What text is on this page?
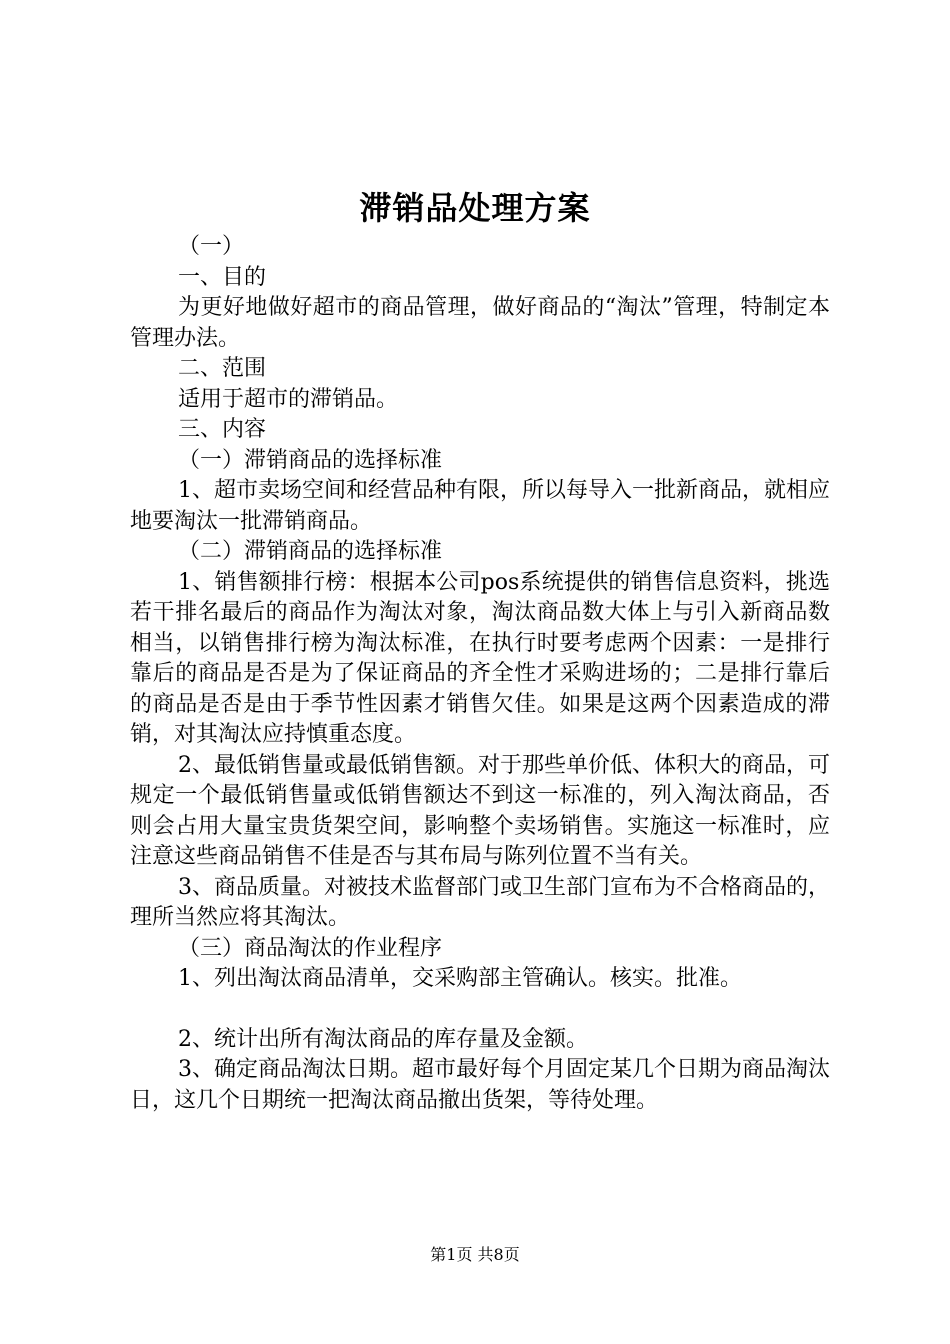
滞销品处理方案

（一）

一、目的

为更好地做好超市的商品管理，做好商品的“淘汰”管理，特制定本管理办法。

二、范围

适用于超市的滞销品。

三、内容

（一）滞销商品的选择标准

1、超市卖场空间和经营品种有限，所以每导入一批新商品，就相应地要淘汰一批滞销商品。

（二）滞销商品的选择标准

1、销售额排行榜：根据本公司pos系统提供的销售信息资料，挑选若干排名最后的商品作为淘汰对象，淘汰商品数大体上与引入新商品数相当，以销售排行榜为淘汰标准，在执行时要考虑两个因素：一是排行靠后的商品是否是为了保证商品的齐全性才采购进场的；二是排行靠后的商品是否是由于季节性因素才销售欠佳。如果是这两个因素造成的滞销，对其淘汰应持慎重态度。

2、最低销售量或最低销售额。对于那些单价低、体积大的商品，可规定一个最低销售量或低销售额达不到这一标准的，列入淘汰商品，否则会占用大量宝贵货架空间，影响整个卖场销售。实施这一标准时，应注意这些商品销售不佳是否与其布局与陈列位置不当有关。

3、商品质量。对被技术监督部门或卫生部门宣布为不合格商品的，理所当然应将其淘汰。

（三）商品淘汰的作业程序

1、列出淘汰商品清单，交采购部主管确认。核实。批准。

2、统计出所有淘汰商品的库存量及金额。

3、确定商品淘汰日期。超市最好每个月固定某几个日期为商品淘汰日，这几个日期统一把淘汰商品撤出货架，等待处理。

第1页 共8页
